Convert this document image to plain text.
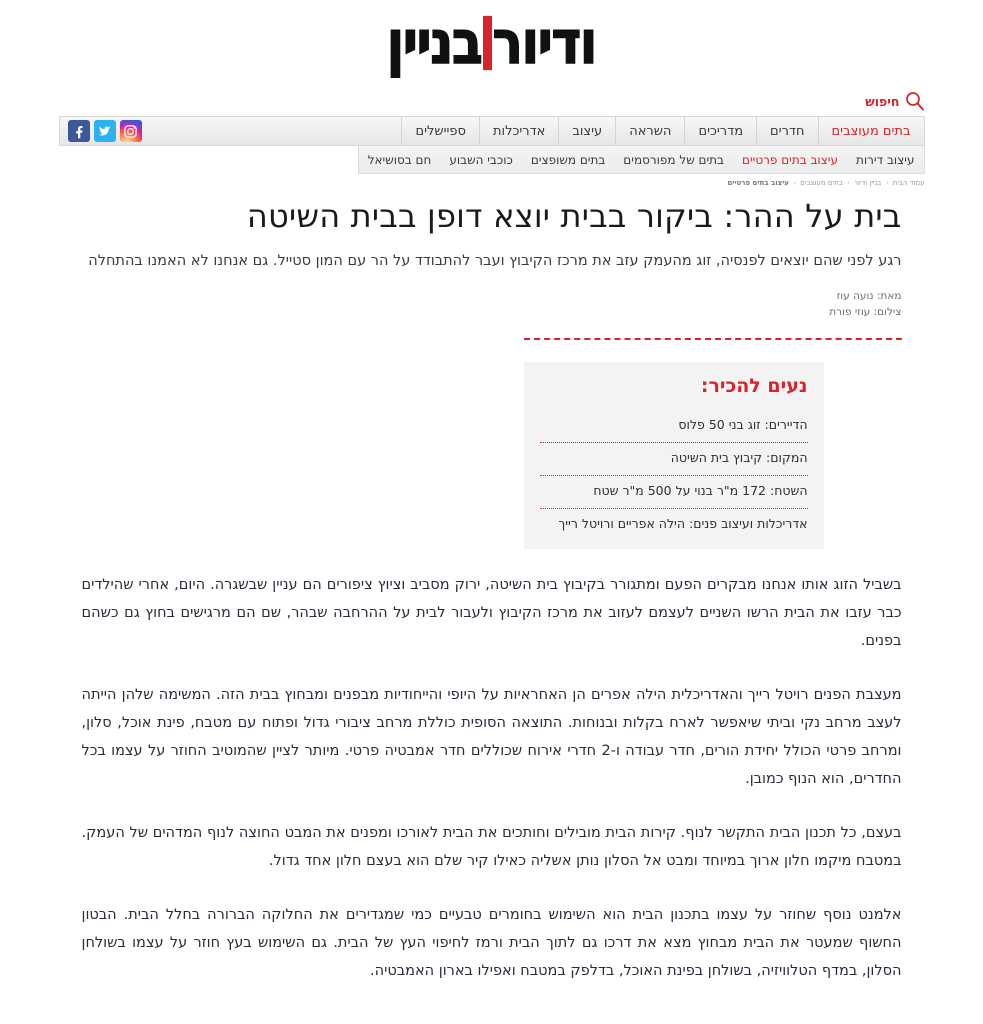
ודיורבניין
חיפוש
בתים מעוצבים
חדרים
מדריכים
השראה
עיצוב
אדריכלות
ספיישלים
עיצוב דירות
עיצוב בתים פרטיים
בתים של מפורסמים
בתים משופצים
כוכבי השבוע
חם בסושיאל
עמוד הבית › בניין ודיור › בתים מעוצבים › עיצוב בתים פרטיים
בית על ההר: ביקור בבית יוצא דופן בבית השיטה

רגע לפני שהם יוצאים לפנסיה, זוג מהעמק עזב את מרכז הקיבוץ ועבר להתבודד על הר עם המון סטייל. גם אנחנו לא האמנו בהתחלה

מאת: נועה עוז
צילום: עוזי פורת
נעים להכיר:
הדיירים: זוג בני 50 פלוס
המקום: קיבוץ בית השיטה
השטח: 172 מ"ר בנוי על 500 מ"ר שטח
אדריכלות ועיצוב פנים: הילה אפריים ורויטל רייך

בשביל הזוג אותו אנחנו מבקרים הפעם ומתגורר בקיבוץ בית השיטה, ירוק מסביב וציוץ ציפורים הם עניין שבשגרה. היום, אחרי שהילדים כבר עזבו את הבית הרשו השניים לעצמם לעזוב את מרכז הקיבוץ ולעבור לבית על ההרחבה שבהר, שם הם מרגישים בחוץ גם כשהם בפנים.

מעצבת הפנים רויטל רייך והאדריכלית הילה אפרים הן האחראיות על היופי והייחודיות מבפנים ומבחוץ בבית הזה. המשימה שלהן הייתה לעצב מרחב נקי וביתי שיאפשר לארח בקלות ובנוחות. התוצאה הסופית כוללת מרחב ציבורי גדול ופתוח עם מטבח, פינת אוכל, סלון, ומרחב פרטי הכולל יחידת הורים, חדר עבודה ו-2 חדרי אירוח שכוללים חדר אמבטיה פרטי. מיותר לציין שהמוטיב החוזר על עצמו בכל החדרים, הוא הנוף כמובן.

בעצם, כל תכנון הבית התקשר לנוף. קירות הבית מובילים וחותכים את הבית לאורכו ומפנים את המבט החוצה לנוף המדהים של העמק. במטבח מיקמו חלון ארוך במיוחד ומבט אל הסלון נותן אשליה כאילו קיר שלם הוא בעצם חלון אחד גדול.

אלמנט נוסף שחוזר על עצמו בתכנון הבית הוא השימוש בחומרים טבעיים כמי שמגדירים את החלוקה הברורה בחלל הבית. הבטון החשוף שמעטר את הבית מבחוץ מצא את דרכו גם לתוך הבית ורמז לחיפוי העץ של הבית. גם השימוש בעץ חוזר על עצמו בשולחן הסלון, במדף הטלוויזיה, בשולחן בפינת האוכל, בדלפק במטבח ואפילו בארון האמבטיה.
